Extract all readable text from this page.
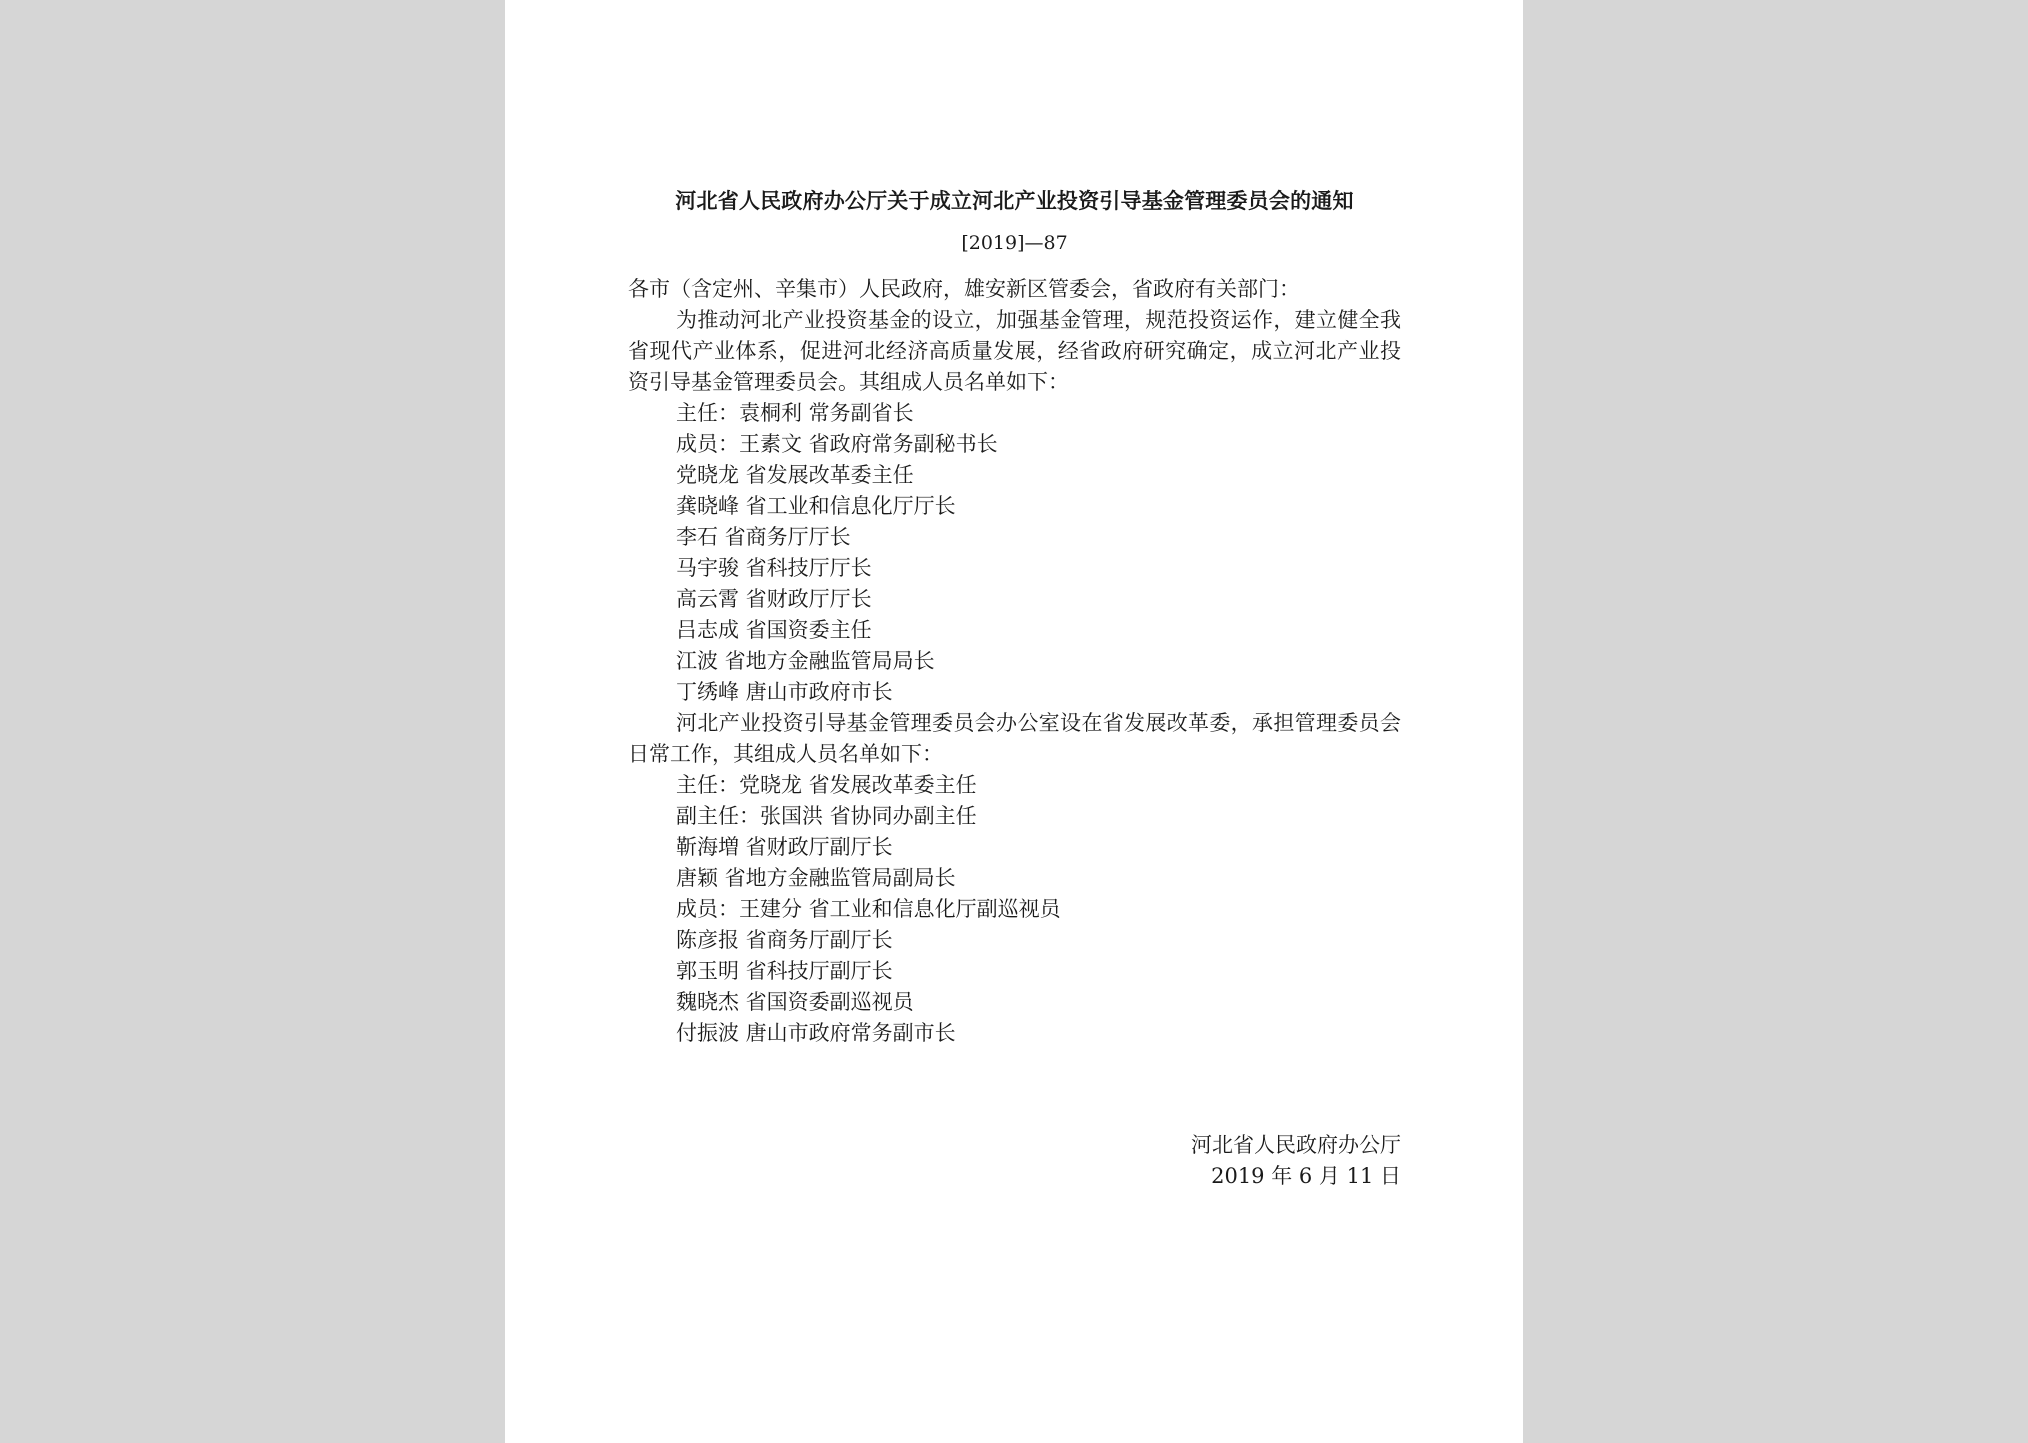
河北省人民政府办公厅关于成立河北产业投资引导基金管理委员会的通知
[2019]—87

各市（含定州、辛集市）人民政府，雄安新区管委会，省政府有关部门：

为推动河北产业投资基金的设立，加强基金管理，规范投资运作，建立健全我省现代产业体系，促进河北经济高质量发展，经省政府研究确定，成立河北产业投资引导基金管理委员会。其组成人员名单如下：

主任：袁桐利 常务副省长
成员：王素文 省政府常务副秘书长
党晓龙 省发展改革委主任
龚晓峰 省工业和信息化厅厅长
李石 省商务厅厅长
马宇骏 省科技厅厅长
高云霄 省财政厅厅长
吕志成 省国资委主任
江波 省地方金融监管局局长
丁绣峰 唐山市政府市长

河北产业投资引导基金管理委员会办公室设在省发展改革委，承担管理委员会日常工作，其组成人员名单如下：

主任：党晓龙 省发展改革委主任
副主任：张国洪 省协同办副主任
靳海増 省财政厅副厅长
唐颖 省地方金融监管局副局长
成员：王建分 省工业和信息化厅副巡视员
陈彦报 省商务厅副厅长
郭玉明 省科技厅副厅长
魏晓杰 省国资委副巡视员
付振波 唐山市政府常务副市长
河北省人民政府办公厅
2019 年 6 月 11 日
